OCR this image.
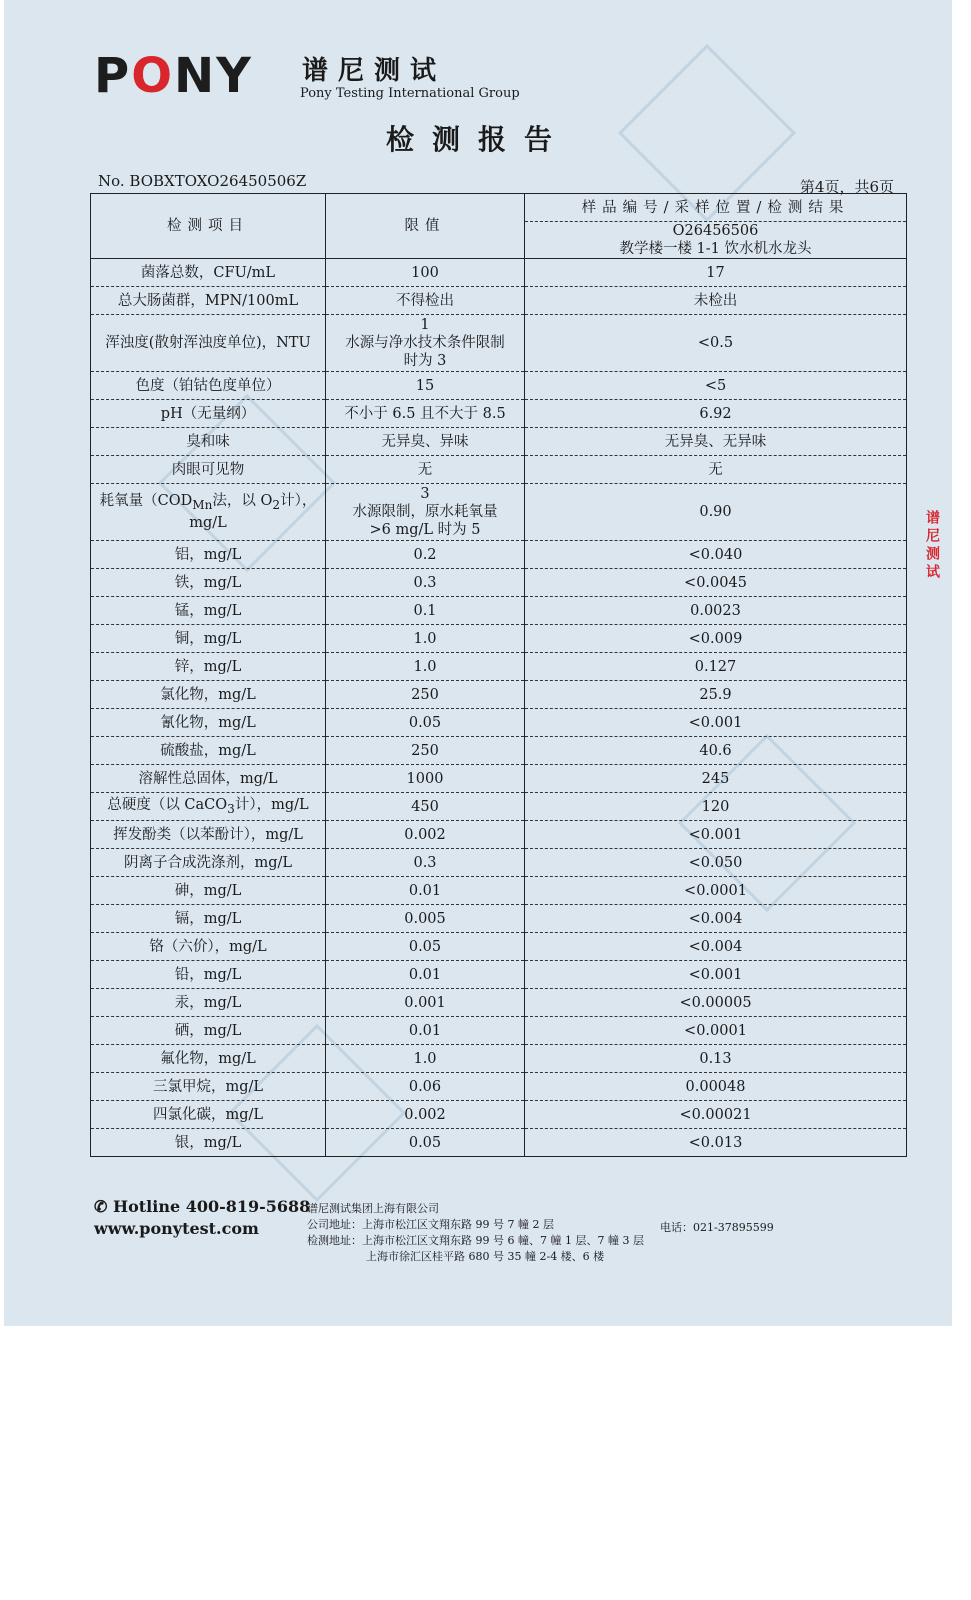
PONY 谱尼测试
Pony Testing International Group
检测报告
No. BOBXTOXO26450506Z	第4页，共6页
检测项目	限值	样品编号/采样位置/检测结果

		O26456506
教学楼一楼 1-1 饮水机水龙头

菌落总数，CFU/mL	100	17
总大肠菌群，MPN/100mL	不得检出	未检出
浑浊度(散射浑浊度单位)，NTU	1
水源与净水技术条件限制
时为 3	<0.5
色度（铂钴色度单位）	15	<5
pH（无量纲）	不小于 6.5 且不大于 8.5	6.92
臭和味	无异臭、异味	无异臭、无异味
肉眼可见物	无	无
耗氧量（$COD_{Mn}$法，以 $O_2$计），
mg/L	3
水源限制，原水耗氧量
>6 mg/L 时为 5	0.90
铝，mg/L	0.2	<0.040
铁，mg/L	0.3	<0.0045
锰，mg/L	0.1	0.0023
铜，mg/L	1.0	<0.009
锌，mg/L	1.0	0.127
氯化物，mg/L	250	25.9
氰化物，mg/L	0.05	<0.001
硫酸盐，mg/L	250	40.6
溶解性总固体，mg/L	1000	245
总硬度（以 CaCO$_3$计），mg/L	450	120
挥发酚类（以苯酚计），mg/L	0.002	<0.001
阴离子合成洗涤剂，mg/L	0.3	<0.050
砷，mg/L	0.01	<0.0001
镉，mg/L	0.005	<0.004
铬（六价），mg/L	0.05	<0.004
铅，mg/L	0.01	<0.001
汞，mg/L	0.001	<0.00005
硒，mg/L	0.01	<0.0001
氟化物，mg/L	1.0	0.13
三氯甲烷，mg/L	0.06	0.00048
四氯化碳，mg/L	0.002	<0.00021
银，mg/L	0.05	<0.013
✆ Hotline 400-819-5688
www.ponytest.com
谱尼测试集团上海有限公司
公司地址：上海市松江区文翔东路 99 号 7 幢 2 层
检测地址：上海市松江区文翔东路 99 号 6 幢、7 幢 1 层、7 幢 3 层
上海市徐汇区桂平路 680 号 35 幢 2-4 楼、6 楼
电话：021-37895599
谱尼测试
